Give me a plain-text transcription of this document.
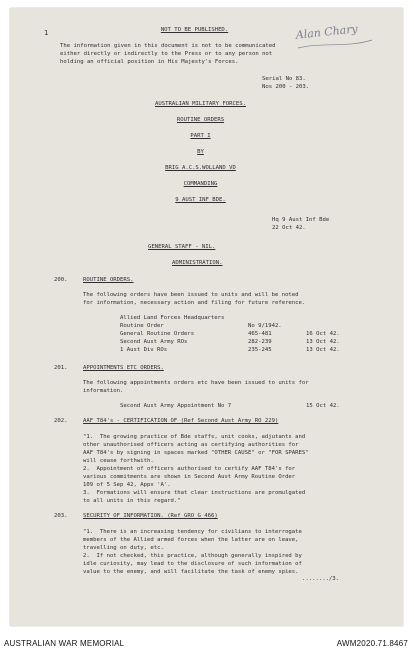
1	Alan Chary
NOT TO BE PUBLISHED.
The information given in this document is not to be communicated
either directly or indirectly to the Press or to any person not
holding an official position in His Majesty's Forces.
Serial No 83.
Nos 200 - 203.
AUSTRALIAN MILITARY FORCES.
ROUTINE ORDERS
PART I
BY
BRIG A.C.S.WOLLAND VD
COMMANDING
9 AUST INF BDE.
Hq 9 Aust Inf Bde
22 Oct 42.
GENERAL STAFF - NIL.
ADMINISTRATION.
200.	ROUTINE ORDERS.
The following orders have been issued to units and will be noted
for information, necessary action and filing for future reference.
Allied Land Forces Headquarters
Routine Order	No 9/1942.
General Routine Orders	465-481	16 Oct 42.
Second Aust Army ROs	282-239	13 Oct 42.
1 Aust Div ROs	235-245	13 Oct 42.
201.	APPOINTMENTS ETC ORDERS.
The following appointments orders etc have been issued to units for
information.
Second Aust Army Appointment No 7	15 Oct 42.
202.	AAF T84's - CERTIFICATION OF (Ref Second Aust Army RO 229)
"1.  The growing practice of Bde staffs, unit cooks, adjutants and
other unauthorised officers acting as certifying authorities for
AAF T84's by signing in spaces marked "OTHER CAUSE" or "FOR SPARES"
will cease forthwith.
2.  Appointment of officers authorised to certify AAF T84's for
various commitments are shown in Second Aust Army Routine Order
109 of 5 Sep 42, Appx 'A'.
3.  Formations will ensure that clear instructions are promulgated
to all units in this regard."
203.	SECURITY OF INFORMATION. (Ref GRO G 466)
"1.  There is an increasing tendency for civilians to interrogate
members of the Allied armed forces when the latter are on leave,
travelling on duty, etc.
2.  If not checked, this practice, although generally inspired by
idle curiosity, may lead to the disclosure of such information of
value to the enemy, and will facilitate the task of enemy spies.
......../3.
AUSTRALIAN WAR MEMORIAL	AWM2020.71.8467
